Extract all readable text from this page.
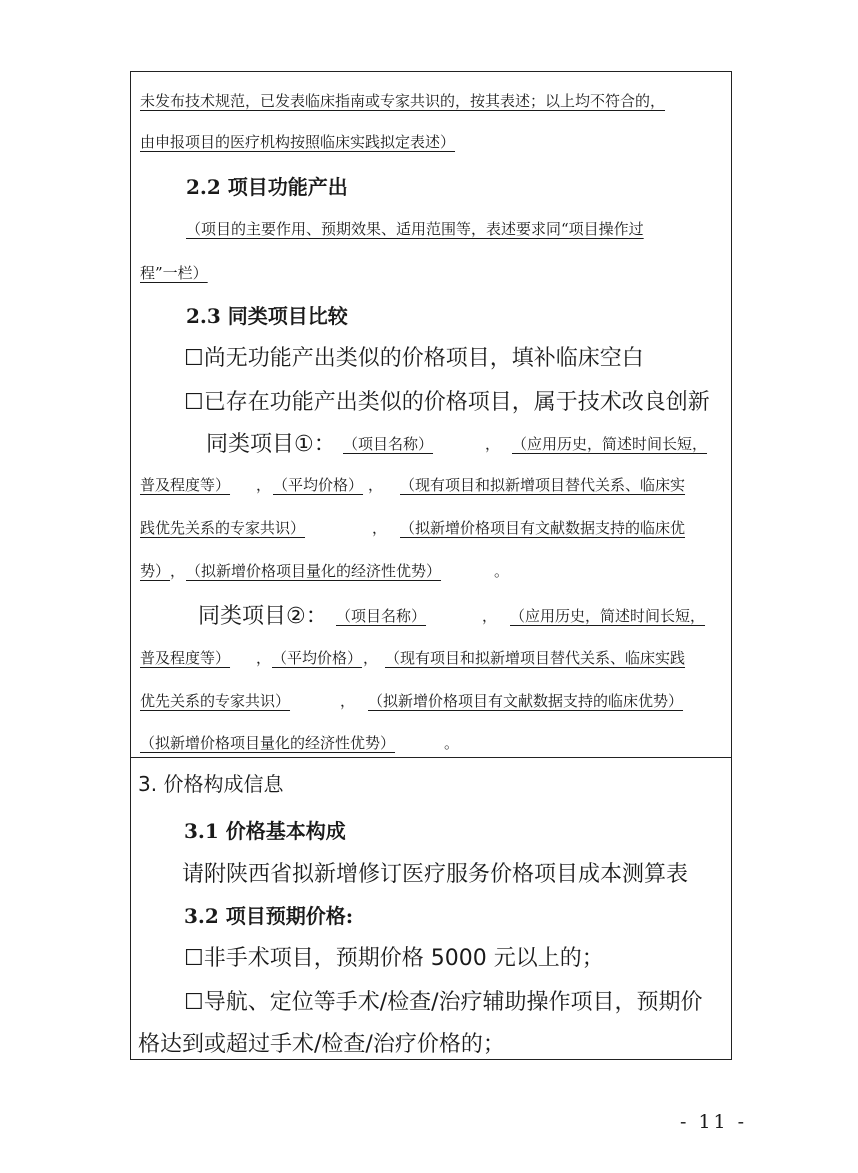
未发布技术规范，已发表临床指南或专家共识的，按其表述；以上均不符合的，
由申报项目的医疗机构按照临床实践拟定表述）
2.2 项目功能产出
（项目的主要作用、预期效果、适用范围等，表述要求同“项目操作过
程”一栏）
2.3 同类项目比较
☐尚无功能产出类似的价格项目，填补临床空白
☐已存在功能产出类似的价格项目，属于技术改良创新
同类项目①： （项目名称）	， （应用历史，简述时间长短，
普及程度等） ， （平均价格） ， （现有项目和拟新增项目替代关系、临床实
践优先关系的专家共识）	， （拟新增价格项目有文献数据支持的临床优
势） ， （拟新增价格项目量化的经济性优势）	。
同类项目②： （项目名称）	， （应用历史，简述时间长短，
普及程度等） ， （平均价格） ， （现有项目和拟新增项目替代关系、临床实践
优先关系的专家共识）	， （拟新增价格项目有文献数据支持的临床优势）
（拟新增价格项目量化的经济性优势）	。
3. 价格构成信息
3.1 价格基本构成
请附陕西省拟新增修订医疗服务价格项目成本测算表
3.2 项目预期价格:
☐非手术项目，预期价格 5000 元以上的；
☐导航、定位等手术/检查/治疗辅助操作项目，预期价
格达到或超过手术/检查/治疗价格的；
- 11 -
